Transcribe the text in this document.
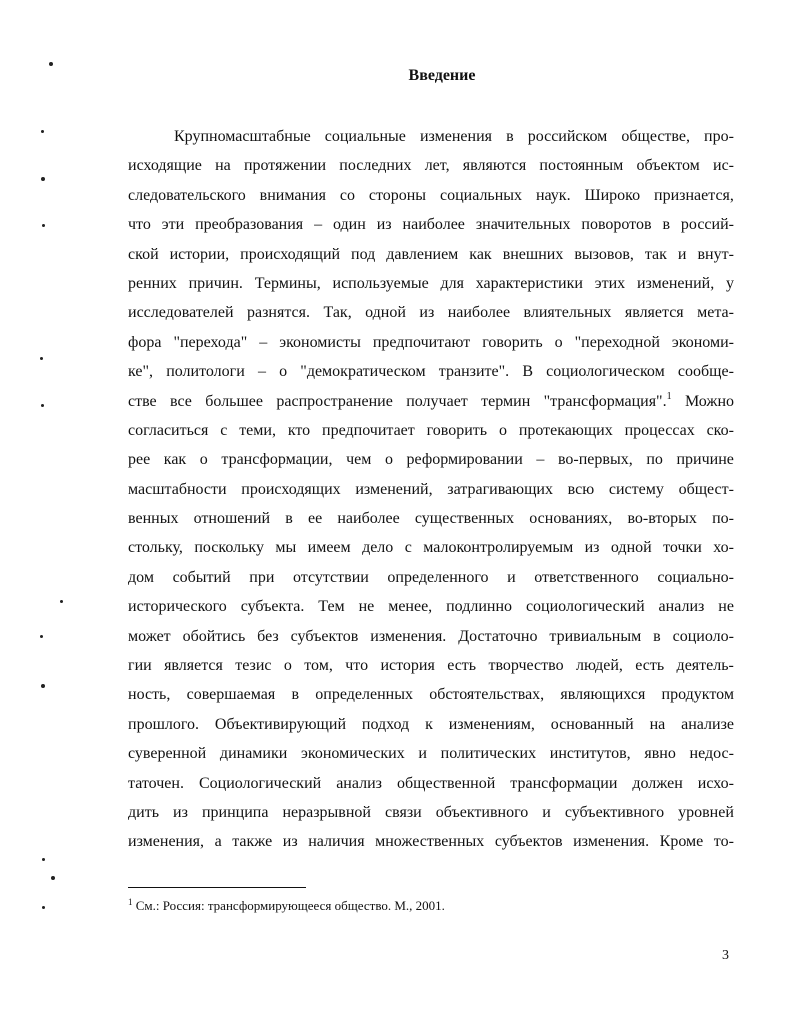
Введение
Крупномасштабные социальные изменения в российском обществе, про-
исходящие на протяжении последних лет, являются постоянным объектом ис-
следовательского внимания со стороны социальных наук. Широко признается,
что эти преобразования – один из наиболее значительных поворотов в россий-
ской истории, происходящий под давлением как внешних вызовов, так и внут-
ренних причин. Термины, используемые для характеристики этих изменений, у
исследователей разнятся. Так, одной из наиболее влиятельных является мета-
фора "перехода" – экономисты предпочитают говорить о "переходной экономи-
ке", политологи – о "демократическом транзите". В социологическом сообще-
стве все большее распространение получает термин "трансформация".$^1$ Можно
согласиться с теми, кто предпочитает говорить о протекающих процессах ско-
рее как о трансформации, чем о реформировании – во-первых, по причине
масштабности происходящих изменений, затрагивающих всю систему общест-
венных отношений в ее наиболее существенных основаниях, во-вторых по-
стольку, поскольку мы имеем дело с малоконтролируемым из одной точки хо-
дом событий при отсутствии определенного и ответственного социально-
исторического субъекта. Тем не менее, подлинно социологический анализ не
может обойтись без субъектов изменения. Достаточно тривиальным в социоло-
гии является тезис о том, что история есть творчество людей, есть деятель-
ность, совершаемая в определенных обстоятельствах, являющихся продуктом
прошлого. Объективирующий подход к изменениям, основанный на анализе
суверенной динамики экономических и политических институтов, явно недос-
таточен. Социологический анализ общественной трансформации должен исхо-
дить из принципа неразрывной связи объективного и субъективного уровней
изменения, а также из наличия множественных субъектов изменения. Кроме то-
$^1$ См.: Россия: трансформирующееся общество. М., 2001.
3
